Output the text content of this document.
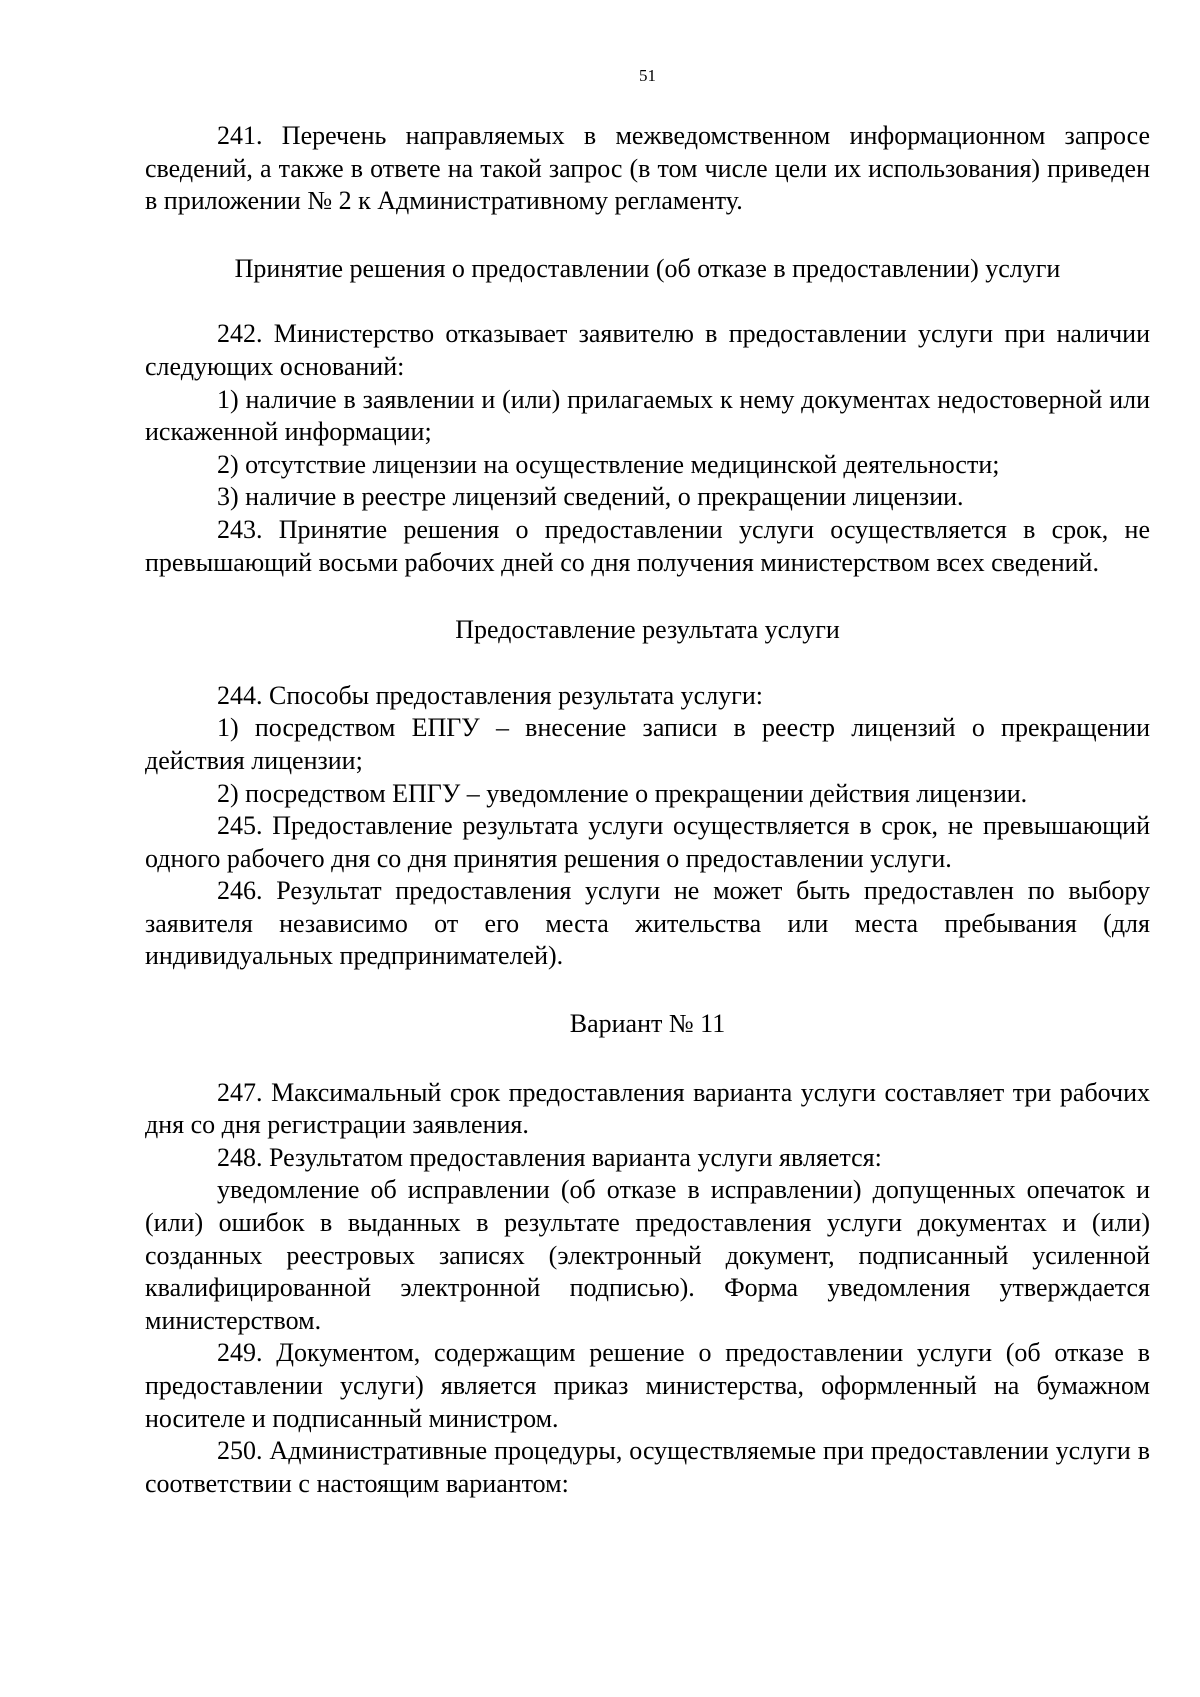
51

241. Перечень направляемых в межведомственном информационном запросе сведений, а также в ответе на такой запрос (в том числе цели их использования) приведен в приложении № 2 к Административному регламенту.

Принятие решения о предоставлении (об отказе в предоставлении) услуги

242. Министерство отказывает заявителю в предоставлении услуги при наличии следующих оснований:

1) наличие в заявлении и (или) прилагаемых к нему документах недостоверной или искаженной информации;

2) отсутствие лицензии на осуществление медицинской деятельности;

3) наличие в реестре лицензий сведений, о прекращении лицензии.

243. Принятие решения о предоставлении услуги осуществляется в срок, не превышающий восьми рабочих дней со дня получения министерством всех сведений.

Предоставление результата услуги

244. Способы предоставления результата услуги:

1) посредством ЕПГУ – внесение записи в реестр лицензий о прекращении действия лицензии;

2) посредством ЕПГУ – уведомление о прекращении действия лицензии.

245. Предоставление результата услуги осуществляется в срок, не превышающий одного рабочего дня со дня принятия решения о предоставлении услуги.

246. Результат предоставления услуги не может быть предоставлен по выбору заявителя независимо от его места жительства или места пребывания (для индивидуальных предпринимателей).

Вариант № 11

247. Максимальный срок предоставления варианта услуги составляет три рабочих дня со дня регистрации заявления.

248. Результатом предоставления варианта услуги является:

уведомление об исправлении (об отказе в исправлении) допущенных опечаток и (или) ошибок в выданных в результате предоставления услуги документах и (или) созданных реестровых записях (электронный документ, подписанный усиленной квалифицированной электронной подписью). Форма уведомления утверждается министерством.

249. Документом, содержащим решение о предоставлении услуги (об отказе в предоставлении услуги) является приказ министерства, оформленный на бумажном носителе и подписанный министром.

250. Административные процедуры, осуществляемые при предоставлении услуги в соответствии с настоящим вариантом:
